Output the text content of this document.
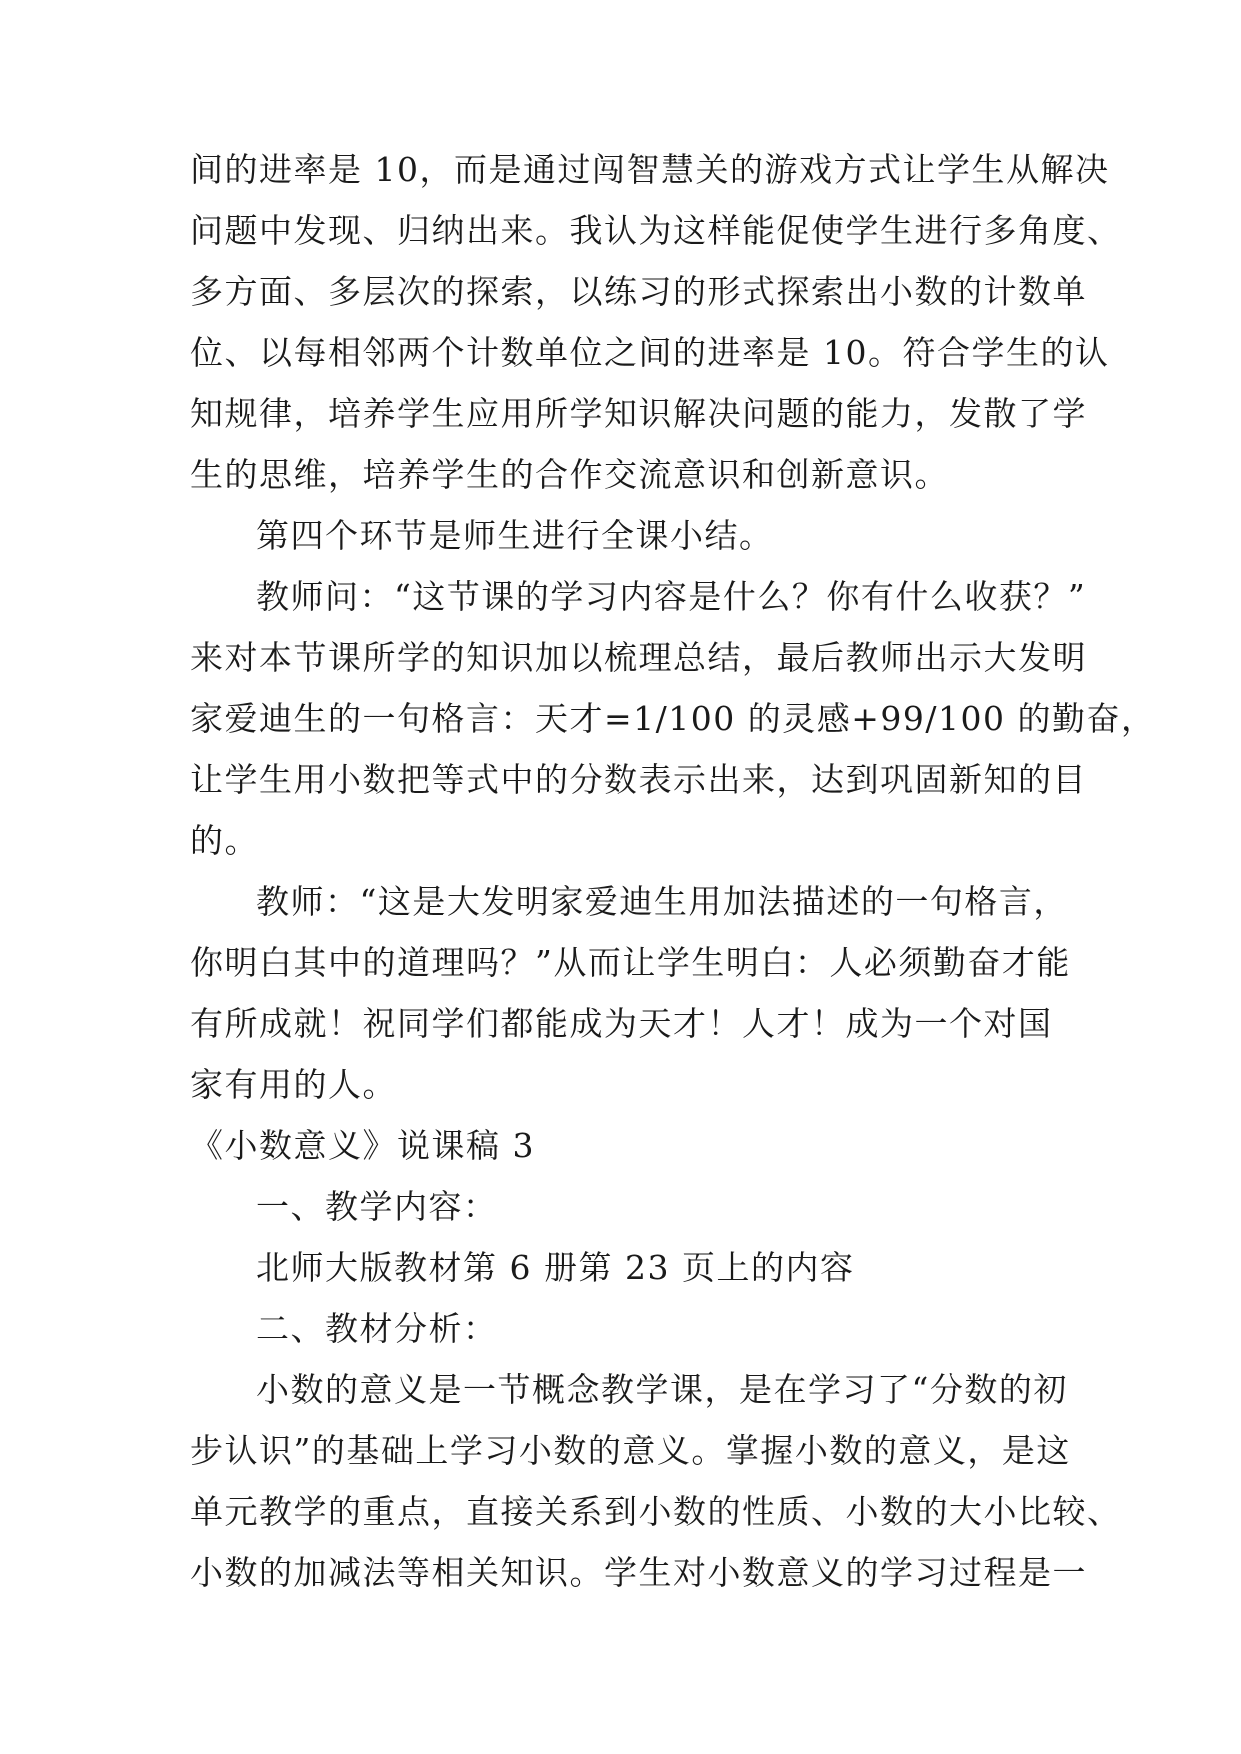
间的进率是 10，而是通过闯智慧关的游戏方式让学生从解决
问题中发现、归纳出来。我认为这样能促使学生进行多角度、
多方面、多层次的探索，以练习的形式探索出小数的计数单
位、以每相邻两个计数单位之间的进率是 10。符合学生的认
知规律，培养学生应用所学知识解决问题的能力，发散了学
生的思维，培养学生的合作交流意识和创新意识。
第四个环节是师生进行全课小结。
教师问：“这节课的学习内容是什么？你有什么收获？”
来对本节课所学的知识加以梳理总结，最后教师出示大发明
家爱迪生的一句格言：天才=1/100 的灵感+99/100 的勤奋，
让学生用小数把等式中的分数表示出来，达到巩固新知的目
的。
教师：“这是大发明家爱迪生用加法描述的一句格言，
你明白其中的道理吗？”从而让学生明白：人必须勤奋才能
有所成就！祝同学们都能成为天才！人才！成为一个对国
家有用的人。
《小数意义》说课稿 3
一、教学内容：
北师大版教材第 6 册第 23 页上的内容
二、教材分析：
小数的意义是一节概念教学课，是在学习了“分数的初
步认识”的基础上学习小数的意义。掌握小数的意义，是这
单元教学的重点，直接关系到小数的性质、小数的大小比较、
小数的加减法等相关知识。学生对小数意义的学习过程是一
